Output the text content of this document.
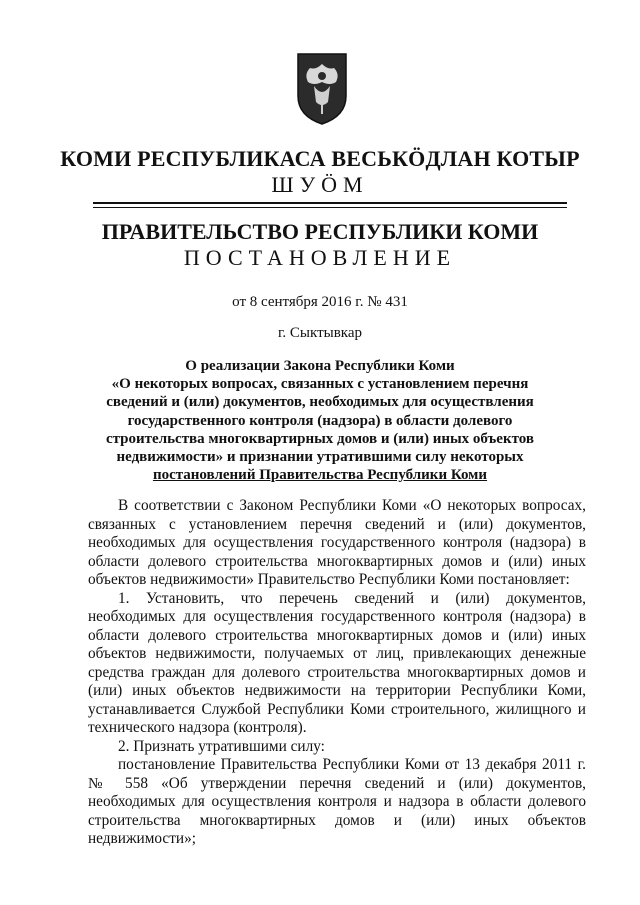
КОМИ РЕСПУБЛИКАСА ВЕСЬКӦДЛАН КОТЫР
ШУӦМ
ПРАВИТЕЛЬСТВО РЕСПУБЛИКИ КОМИ
ПОСТАНОВЛЕНИЕ
от 8 сентября 2016 г. № 431
г. Сыктывкар
О реализации Закона Республики Коми
«О некоторых вопросах, связанных с установлением перечня
сведений и (или) документов, необходимых для осуществления
государственного контроля (надзора) в области долевого
строительства многоквартирных домов и (или) иных объектов
недвижимости» и признании утратившими силу некоторых
постановлений Правительства Республики Коми

В соответствии с Законом Республики Коми «О некоторых вопросах, связанных с установлением перечня сведений и (или) документов, необходимых для осуществления государственного контроля (надзора) в области долевого строительства многоквартирных домов и (или) иных объектов недвижимости» Правительство Республики Коми постановляет:

1. Установить, что перечень сведений и (или) документов, необходимых для осуществления государственного контроля (надзора) в области долевого строительства многоквартирных домов и (или) иных объектов недвижимости, получаемых от лиц, привлекающих денежные средства граждан для долевого строительства многоквартирных домов и (или) иных объектов недвижимости на территории Республики Коми, устанавливается Службой Республики Коми строительного, жилищного и технического надзора (контроля).

2. Признать утратившими силу:

постановление Правительства Республики Коми от 13 декабря 2011 г. № 558 «Об утверждении перечня сведений и (или) документов, необходимых для осуществления контроля и надзора в области долевого строительства многоквартирных домов и (или) иных объектов недвижимости»;
